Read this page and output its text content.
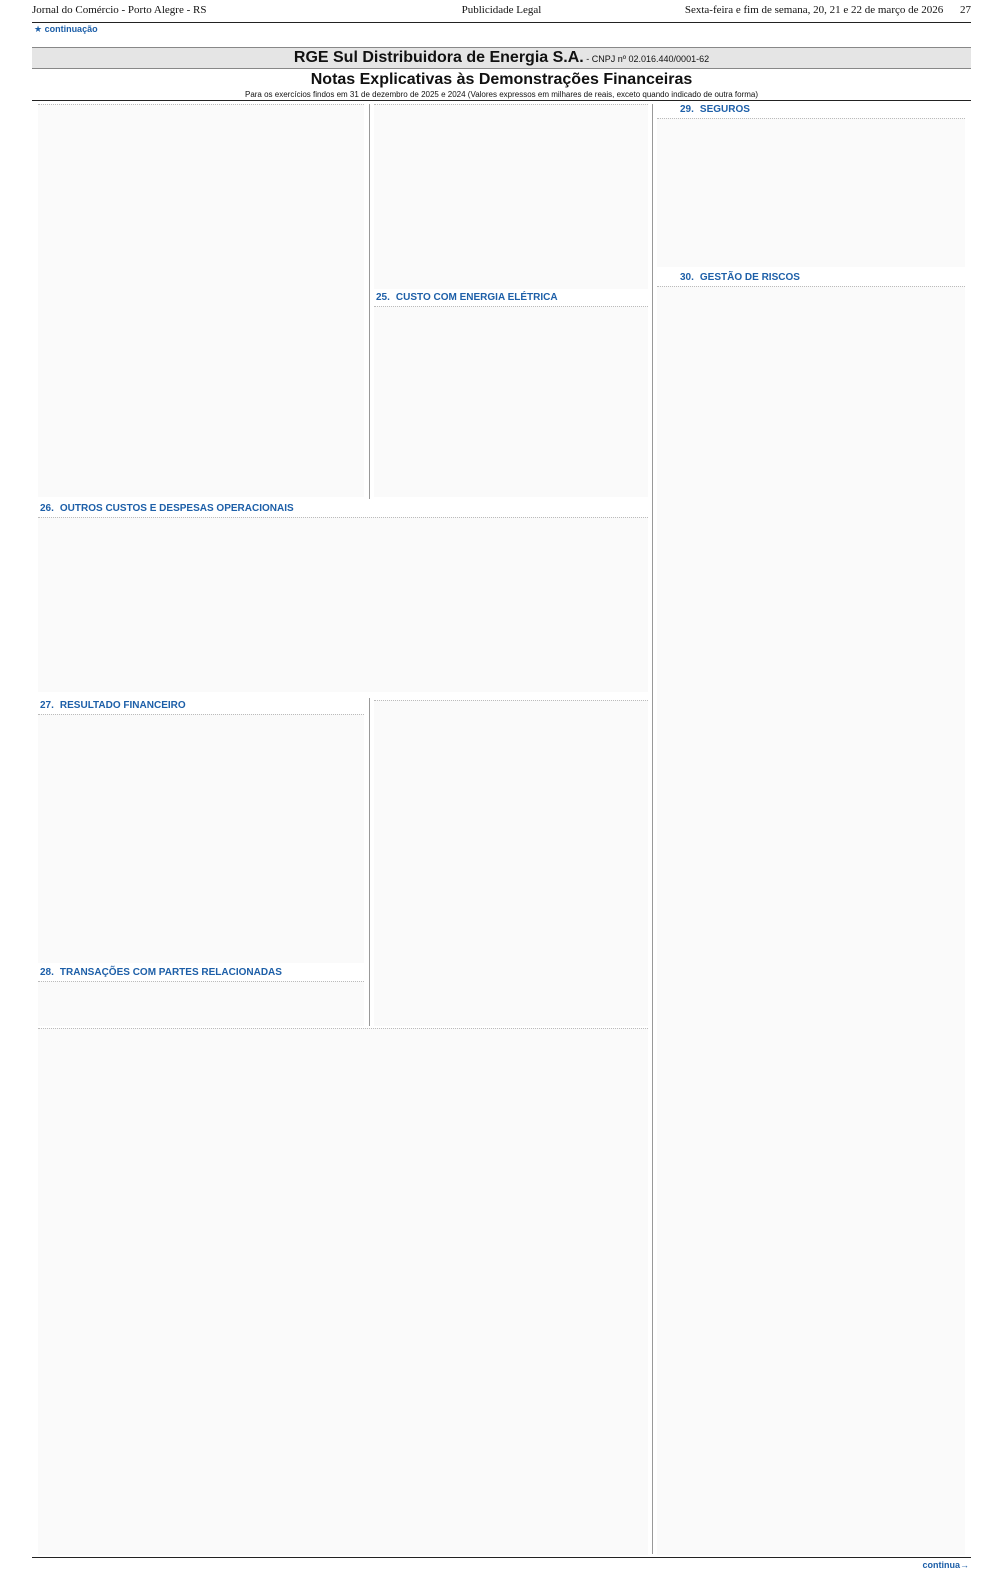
Jornal do Comércio - Porto Alegre - RS	Publicidade Legal	Sexta-feira e fim de semana, 20, 21 e 22 de março de 2026 27
★ continuação
RGE Sul Distribuidora de Energia S.A. - CNPJ nº 02.016.440/0001-62
Notas Explicativas às Demonstrações Financeiras
Para os exercícios findos em 31 de dezembro de 2025 e 2024 (Valores expressos em milhares de reais, exceto quando indicado de outra forma)
25. CUSTO COM ENERGIA ELÉTRICA
26. OUTROS CUSTOS E DESPESAS OPERACIONAIS
27. RESULTADO FINANCEIRO
28. TRANSAÇÕES COM PARTES RELACIONADAS
29. SEGUROS
30. GESTÃO DE RISCOS
continua→
